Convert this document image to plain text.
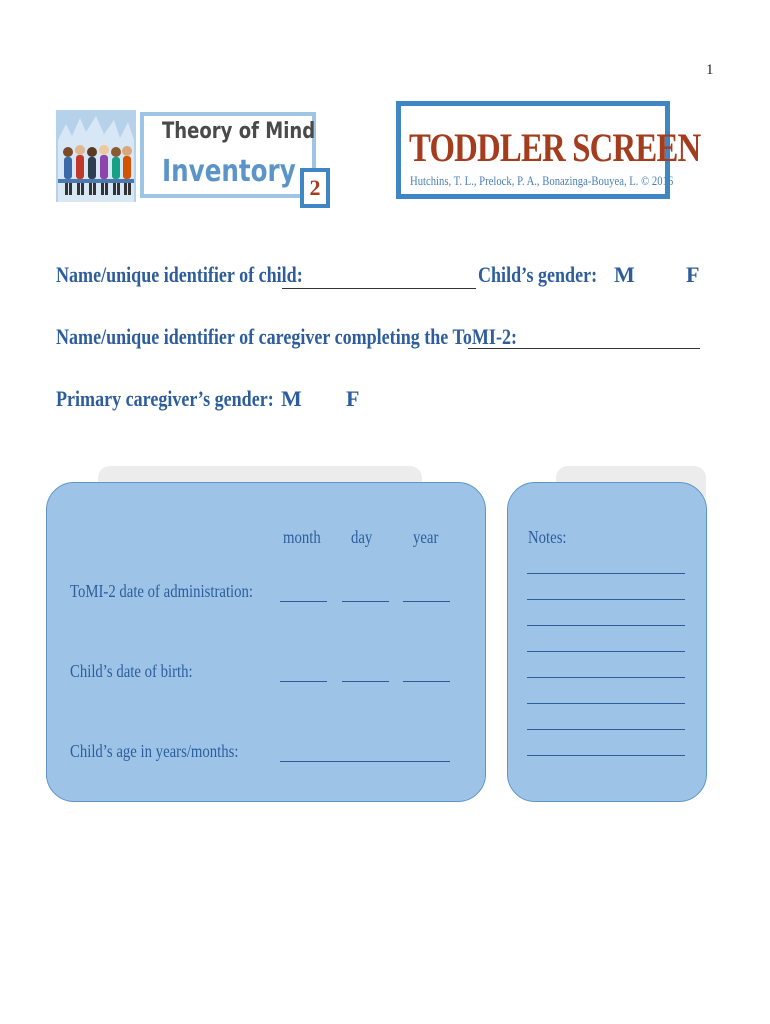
1
Theory of Mind
Inventory 2
TODDLER SCREEN
Hutchins, T. L., Prelock, P. A., Bonazinga-Bouyea, L. © 2016
Name/unique identifier of child:	Child’s gender: M F
Name/unique identifier of caregiver completing the ToMI-2:
Primary caregiver’s gender: M F
month	day year
ToMI-2 date of administration:
Child’s date of birth:
Child’s age in years/months:
Notes:
